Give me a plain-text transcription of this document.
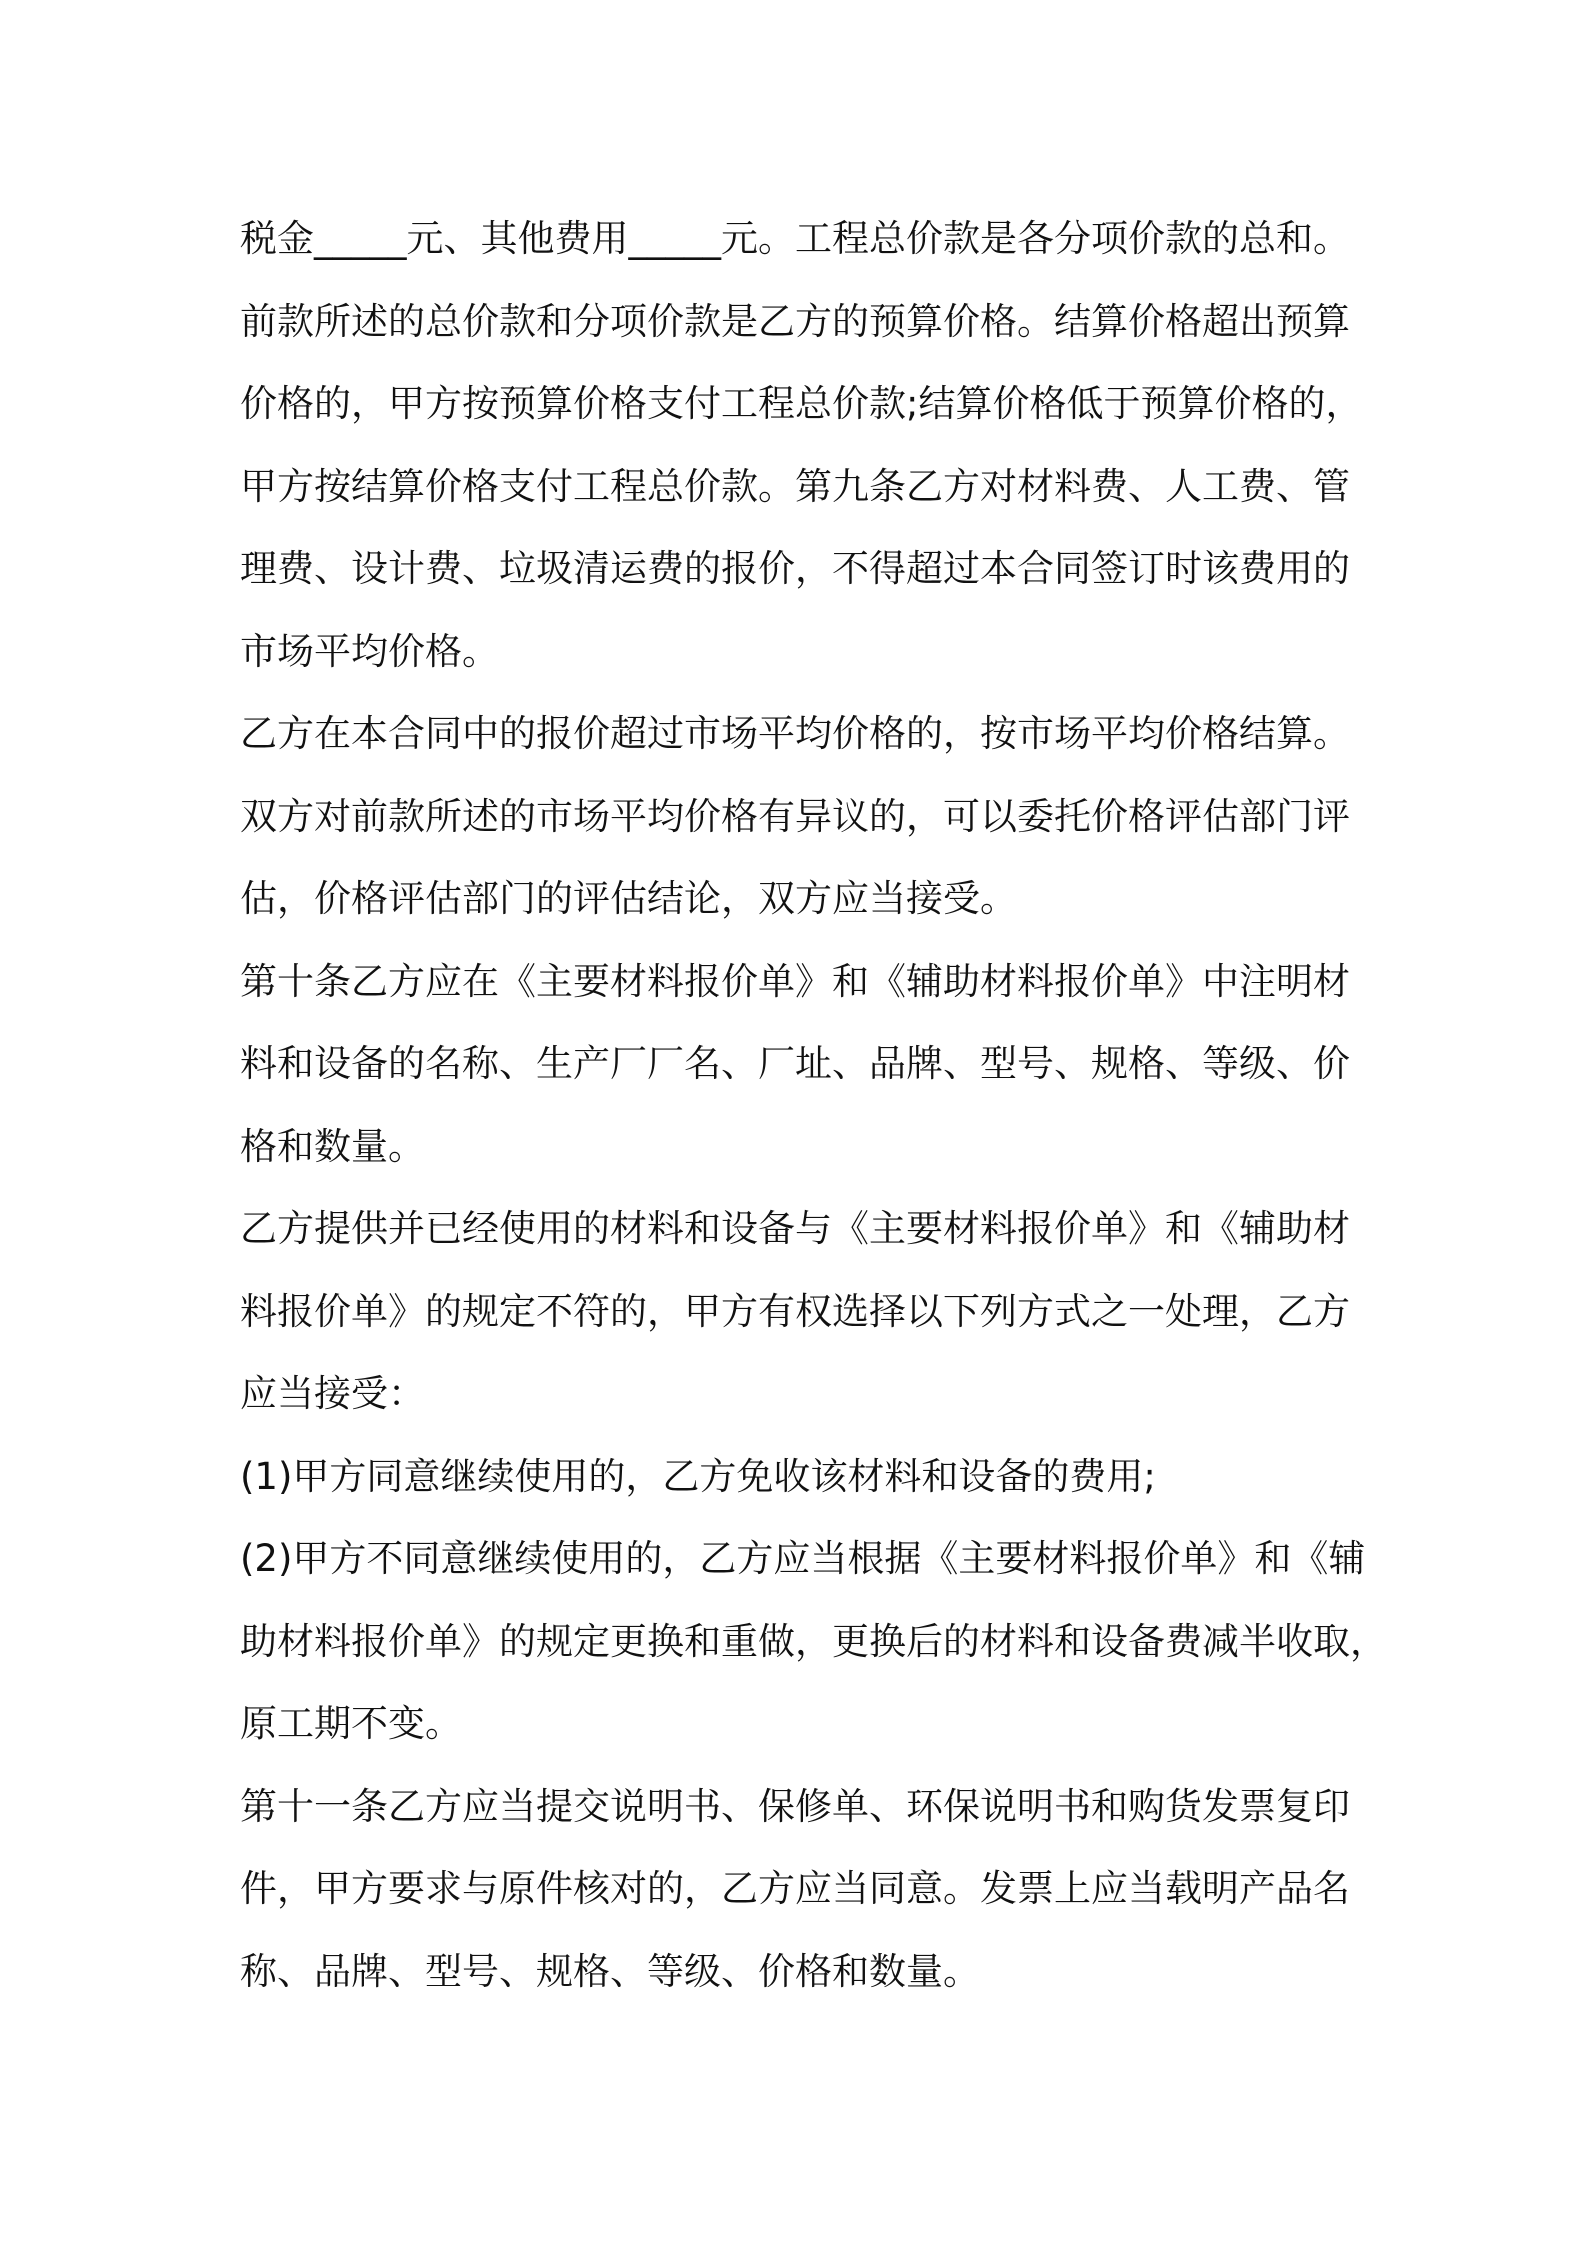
税金_____元、其他费用_____元。工程总价款是各分项价款的总和。
前款所述的总价款和分项价款是乙方的预算价格。结算价格超出预算
价格的，甲方按预算价格支付工程总价款;结算价格低于预算价格的，
甲方按结算价格支付工程总价款。第九条乙方对材料费、人工费、管
理费、设计费、垃圾清运费的报价，不得超过本合同签订时该费用的
市场平均价格。
乙方在本合同中的报价超过市场平均价格的，按市场平均价格结算。
双方对前款所述的市场平均价格有异议的，可以委托价格评估部门评
估，价格评估部门的评估结论，双方应当接受。
第十条乙方应在《主要材料报价单》和《辅助材料报价单》中注明材
料和设备的名称、生产厂厂名、厂址、品牌、型号、规格、等级、价
格和数量。
乙方提供并已经使用的材料和设备与《主要材料报价单》和《辅助材
料报价单》的规定不符的，甲方有权选择以下列方式之一处理，乙方
应当接受：
(1)甲方同意继续使用的，乙方免收该材料和设备的费用;
(2)甲方不同意继续使用的，乙方应当根据《主要材料报价单》和《辅
助材料报价单》的规定更换和重做，更换后的材料和设备费减半收取，
原工期不变。
第十一条乙方应当提交说明书、保修单、环保说明书和购货发票复印
件，甲方要求与原件核对的，乙方应当同意。发票上应当载明产品名
称、品牌、型号、规格、等级、价格和数量。
